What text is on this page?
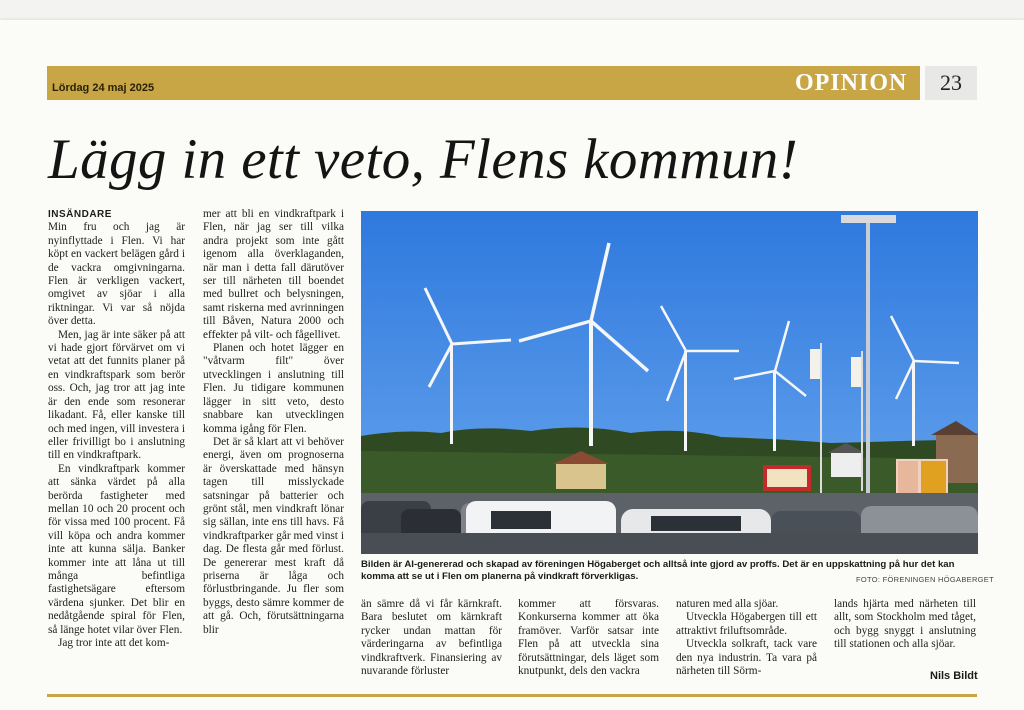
Lördag 24 maj 2025	OPINION	23
Lägg in ett veto, Flens kommun!
INSÄNDARE

Min fru och jag är nyinflyttade i Flen. Vi har köpt en vackert belägen gård i de vackra omgivningarna. Flen är verkligen vackert, omgivet av sjöar i alla riktningar. Vi var så nöjda över detta.

Men, jag är inte säker på att vi hade gjort förvärvet om vi vetat att det funnits planer på en vindkraftspark som berör oss. Och, jag tror att jag inte är den ende som resonerar likadant. Få, eller kanske till och med ingen, vill investera i eller frivilligt bo i anslutning till en vindkraftpark.

En vindkraftpark kommer att sänka värdet på alla berörda fastigheter med mellan 10 och 20 procent och för vissa med 100 procent. Få vill köpa och andra kommer inte att kunna sälja. Banker kommer inte att låna ut till många befintliga fastighetsägare eftersom värdena sjunker. Det blir en nedåtgående spiral för Flen, så länge hotet vilar över Flen.

Jag tror inte att det kom-

mer att bli en vindkraftpark i Flen, när jag ser till vilka andra projekt som inte gått igenom alla överklaganden, när man i detta fall därutöver ser till närheten till boendet med bullret och belysningen, samt riskerna med avrinningen till Båven, Natura 2000 och effekter på vilt- och fågellivet.

Planen och hotet lägger en "våtvarm filt" över utvecklingen i anslutning till Flen. Ju tidigare kommunen lägger in sitt veto, desto snabbare kan utvecklingen komma igång för Flen.

Det är så klart att vi behöver energi, även om prognoserna är överskattade med hänsyn tagen till misslyckade satsningar på batterier och grönt stål, men vindkraft lönar sig sällan, inte ens till havs. Få vindkraftparker går med vinst i dag. De flesta går med förlust. De genererar mest kraft då priserna är låga och förlustbringande. Ju fler som byggs, desto sämre kommer de att gå. Och, förutsättningarna blir

Bilden är AI-genererad och skapad av föreningen Högaberget och alltså inte gjord av proffs. Det är en uppskattning på hur det kan komma att se ut i Flen om planerna på vindkraft förverkligas.	FOTO: FÖRENINGEN HÖGABERGET

än sämre då vi får kärnkraft. Bara beslutet om kärnkraft rycker undan mattan för värderingarna av befintliga vindkraftverk. Finansiering av nuvarande förluster

kommer att försvaras. Konkurserna kommer att öka framöver. Varför satsar inte Flen på att utveckla sina förutsättningar, dels läget som knutpunkt, dels den vackra

naturen med alla sjöar.

Utveckla Högabergen till ett attraktivt friluftsområde.

Utveckla solkraft, tack vare den nya industrin. Ta vara på närheten till Sörm-

lands hjärta med närheten till allt, som Stockholm med tåget, och bygg snyggt i anslutning till stationen och alla sjöar.

Nils Bildt
